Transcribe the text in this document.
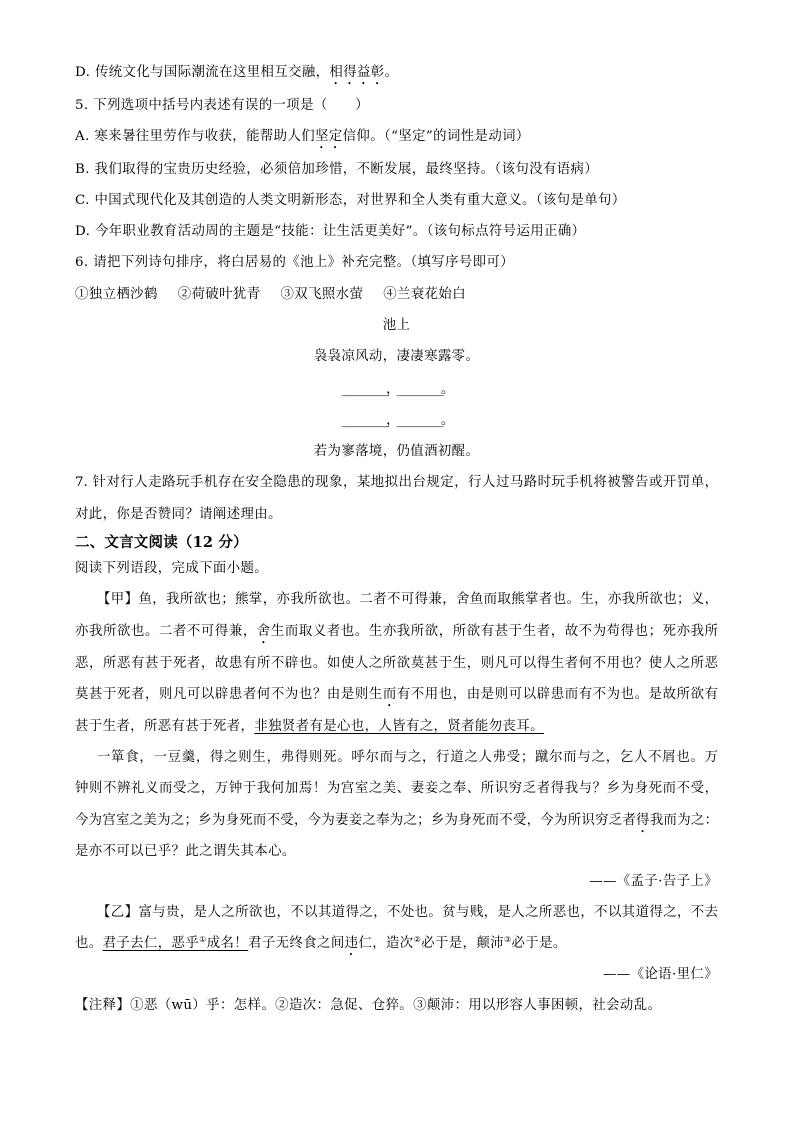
D. 传统文化与国际潮流在这里相互交融，相得益彰。
5. 下列选项中括号内表述有误的一项是（　　）
A. 寒来暑往里劳作与收获，能帮助人们坚定信仰。（“坚定”的词性是动词）
B. 我们取得的宝贵历史经验，必须倍加珍惜，不断发展，最终坚持。（该句没有语病）
C. 中国式现代化及其创造的人类文明新形态，对世界和全人类有重大意义。（该句是单句）
D. 今年职业教育活动周的主题是“技能：让生活更美好”。（该句标点符号运用正确）
6. 请把下列诗句排序，将白居易的《池上》补充完整。（填写序号即可）
①独立栖沙鹤 ②荷破叶犹青 ③双飞照水萤 ④兰衰花始白
池上
袅袅凉风动，凄凄寒露零。
____________，____________。
____________，____________。
若为寥落境，仍值酒初醒。
7. 针对行人走路玩手机存在安全隐患的现象，某地拟出台规定，行人过马路时玩手机将被警告或开罚单，
对此，你是否赞同？请阐述理由。
二、文言文阅读（12 分）
阅读下列语段，完成下面小题。
【甲】鱼，我所欲也；熊掌，亦我所欲也。二者不可得兼，舍鱼而取熊掌者也。生，亦我所欲也；义，
亦我所欲也。二者不可得兼，舍生而取义者也。生亦我所欲，所欲有甚于生者，故不为苟得也；死亦我所
恶，所恶有甚于死者，故患有所不辟也。如使人之所欲莫甚于生，则凡可以得生者何不用也？使人之所恶
莫甚于死者，则凡可以辟患者何不为也？由是则生而有不用也，由是则可以辟患而有不为也。是故所欲有
甚于生者，所恶有甚于死者，非独贤者有是心也，人皆有之，贤者能勿丧耳。
一箪食，一豆羹，得之则生，弗得则死。呼尔而与之，行道之人弗受；蹴尔而与之，乞人不屑也。万
钟则不辨礼义而受之，万钟于我何加焉！为宫室之美、妻妾之奉、所识穷乏者得我与？乡为身死而不受，
今为宫室之美为之；乡为身死而不受，今为妻妾之奉为之；乡为身死而不受，今为所识穷乏者得我而为之：
是亦不可以已乎？此之谓失其本心。
——《孟子·告子上》
【乙】富与贵，是人之所欲也，不以其道得之，不处也。贫与贱，是人之所恶也，不以其道得之，不去
也。君子去仁，恶乎①成名！君子无终食之间违仁，造次②必于是，颠沛③必于是。
——《论语·里仁》
【注释】①恶（wū）乎：怎样。②造次：急促、仓猝。③颠沛：用以形容人事困顿，社会动乱。
